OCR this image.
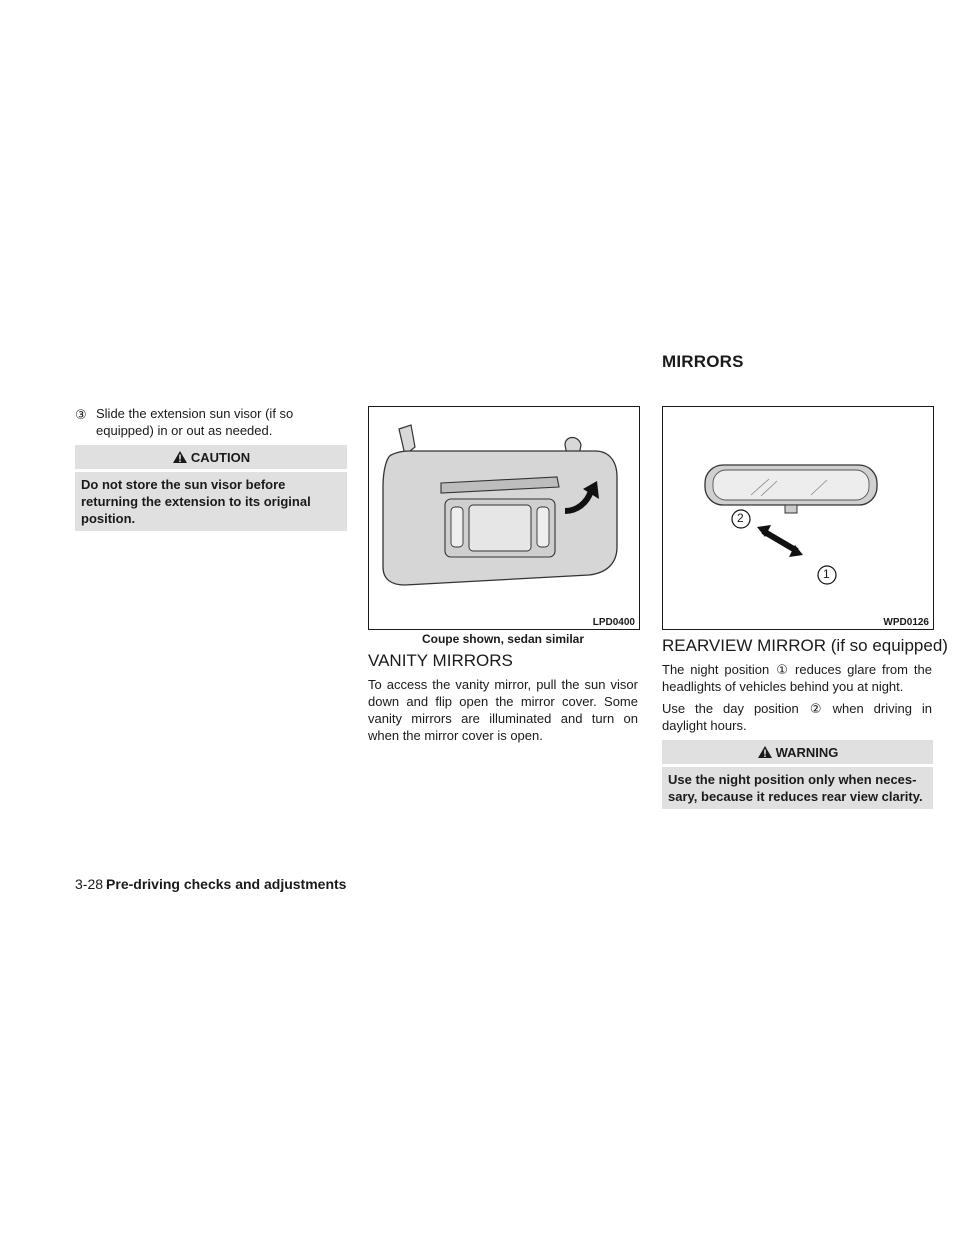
MIRRORS
③ Slide the extension sun visor (if so equipped) in or out as needed.
CAUTION
Do not store the sun visor before returning the extension to its original position.
LPD0400
Coupe shown, sedan similar
2
1
WPD0126
VANITY MIRRORS
To access the vanity mirror, pull the sun visor down and flip open the mirror cover. Some vanity mirrors are illuminated and turn on when the mirror cover is open.
REARVIEW MIRROR (if so equipped)
The night position ① reduces glare from the headlights of vehicles behind you at night.
Use the day position ② when driving in daylight hours.
WARNING
Use the night position only when neces- sary, because it reduces rear view clarity.
3-28 Pre-driving checks and adjustments
